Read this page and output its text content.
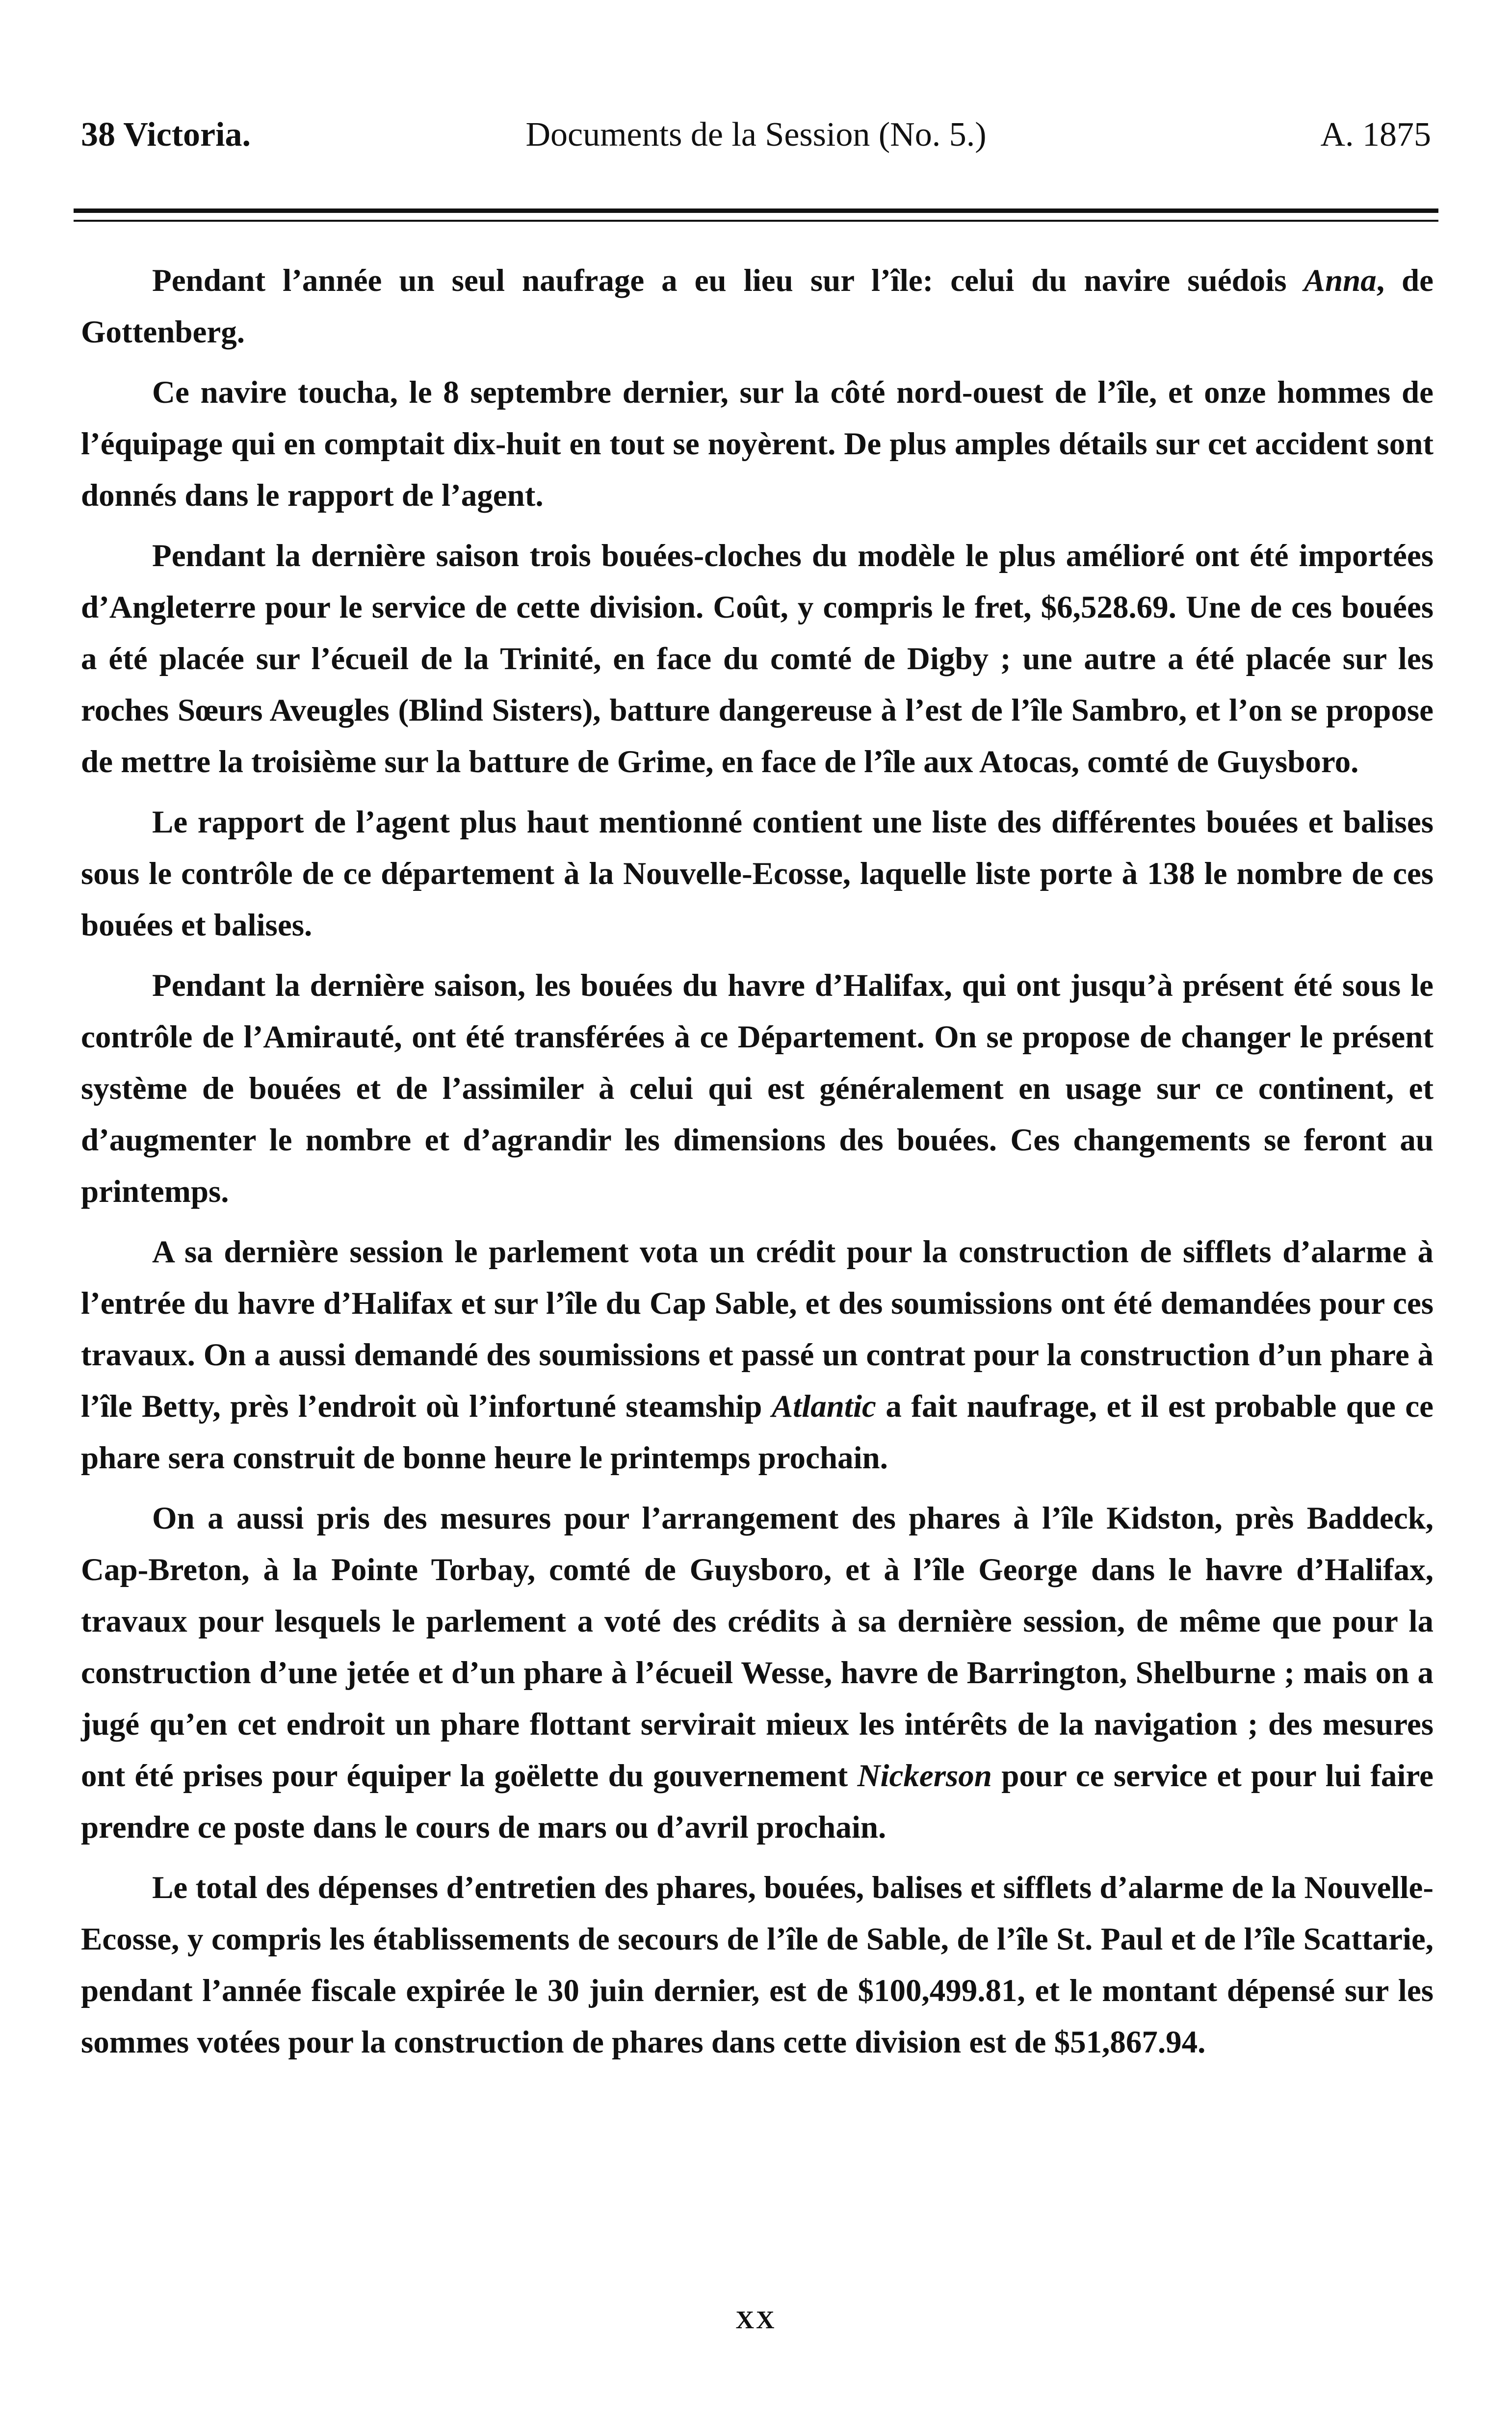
38 Victoria.	Documents de la Session (No. 5.)	A. 1875

Pendant l’année un seul naufrage a eu lieu sur l’île: celui du navire suédois Anna, de Gottenberg.

Ce navire toucha, le 8 septembre dernier, sur la côté nord-ouest de l’île, et onze hommes de l’équipage qui en comptait dix-huit en tout se noyèrent. De plus amples détails sur cet accident sont donnés dans le rapport de l’agent.

Pendant la dernière saison trois bouées-cloches du modèle le plus amélioré ont été importées d’Angleterre pour le service de cette division. Coût, y compris le fret, $6,528.69. Une de ces bouées a été placée sur l’écueil de la Trinité, en face du comté de Digby ; une autre a été placée sur les roches Sœurs Aveugles (Blind Sisters), batture dangereuse à l’est de l’île Sambro, et l’on se propose de mettre la troisième sur la batture de Grime, en face de l’île aux Atocas, comté de Guysboro.

Le rapport de l’agent plus haut mentionné contient une liste des différentes bouées et balises sous le contrôle de ce département à la Nouvelle-Ecosse, laquelle liste porte à 138 le nombre de ces bouées et balises.

Pendant la dernière saison, les bouées du havre d’Halifax, qui ont jusqu’à présent été sous le contrôle de l’Amirauté, ont été transférées à ce Département. On se propose de changer le présent système de bouées et de l’assimiler à celui qui est généralement en usage sur ce continent, et d’augmenter le nombre et d’agrandir les dimensions des bouées. Ces changements se feront au printemps.

A sa dernière session le parlement vota un crédit pour la construction de sifflets d’alarme à l’entrée du havre d’Halifax et sur l’île du Cap Sable, et des soumissions ont été demandées pour ces travaux. On a aussi demandé des soumissions et passé un contrat pour la construction d’un phare à l’île Betty, près l’endroit où l’infortuné steamship Atlantic a fait naufrage, et il est probable que ce phare sera construit de bonne heure le printemps prochain.

On a aussi pris des mesures pour l’arrangement des phares à l’île Kidston, près Baddeck, Cap-Breton, à la Pointe Torbay, comté de Guysboro, et à l’île George dans le havre d’Halifax, travaux pour lesquels le parlement a voté des crédits à sa dernière session, de même que pour la construction d’une jetée et d’un phare à l’écueil Wesse, havre de Barrington, Shelburne ; mais on a jugé qu’en cet endroit un phare flottant servirait mieux les intérêts de la navigation ; des mesures ont été prises pour équiper la goëlette du gouvernement Nickerson pour ce service et pour lui faire prendre ce poste dans le cours de mars ou d’avril prochain.

Le total des dépenses d’entretien des phares, bouées, balises et sifflets d’alarme de la Nouvelle-Ecosse, y compris les établissements de secours de l’île de Sable, de l’île St. Paul et de l’île Scattarie, pendant l’année fiscale expirée le 30 juin dernier, est de $100,499.81, et le montant dépensé sur les sommes votées pour la construction de phares dans cette division est de $51,867.94.

XX
